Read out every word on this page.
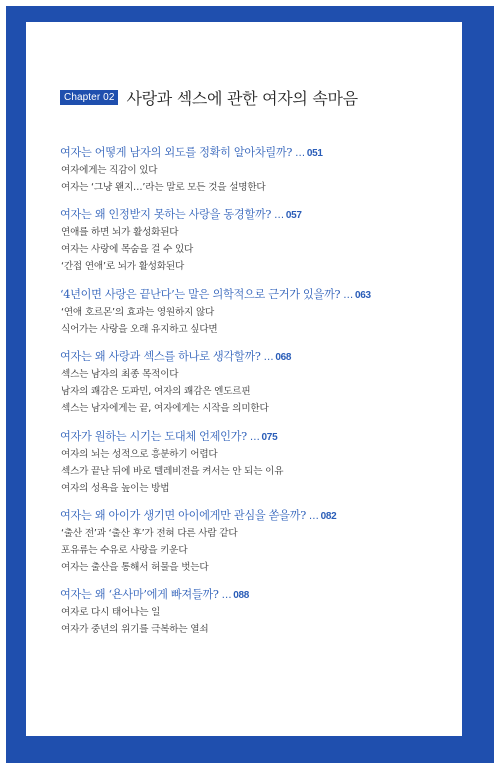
Chapter 02 사랑과 섹스에 관한 여자의 속마음
여자는 어떻게 남자의 외도를 정확히 알아차릴까? … 051
여자에게는 직감이 있다
여자는 ‘그냥 왠지…’라는 말로 모든 것을 설명한다
여자는 왜 인정받지 못하는 사랑을 동경할까? … 057
연애를 하면 뇌가 활성화된다
여자는 사랑에 목숨을 걸 수 있다
‘간접 연애’로 뇌가 활성화된다
‘4년이면 사랑은 끝난다’는 말은 의학적으로 근거가 있을까? … 063
‘연애 호르몬’의 효과는 영원하지 않다
식어가는 사랑을 오래 유지하고 싶다면
여자는 왜 사랑과 섹스를 하나로 생각할까? … 068
섹스는 남자의 최종 목적이다
남자의 쾌감은 도파민, 여자의 쾌감은 엔도르핀
섹스는 남자에게는 끝, 여자에게는 시작을 의미한다
여자가 원하는 시기는 도대체 언제인가? … 075
여자의 뇌는 성적으로 흥분하기 어렵다
섹스가 끝난 뒤에 바로 텔레비전을 켜서는 안 되는 이유
여자의 성욕을 높이는 방법
여자는 왜 아이가 생기면 아이에게만 관심을 쏟을까? … 082
‘출산 전’과 ‘출산 후’가 전혀 다른 사람 같다
포유류는 수유로 사랑을 키운다
여자는 출산을 통해서 허물을 벗는다
여자는 왜 ‘욘사마’에게 빠져들까? … 088
여자로 다시 태어나는 일
여자가 중년의 위기를 극복하는 열쇠
